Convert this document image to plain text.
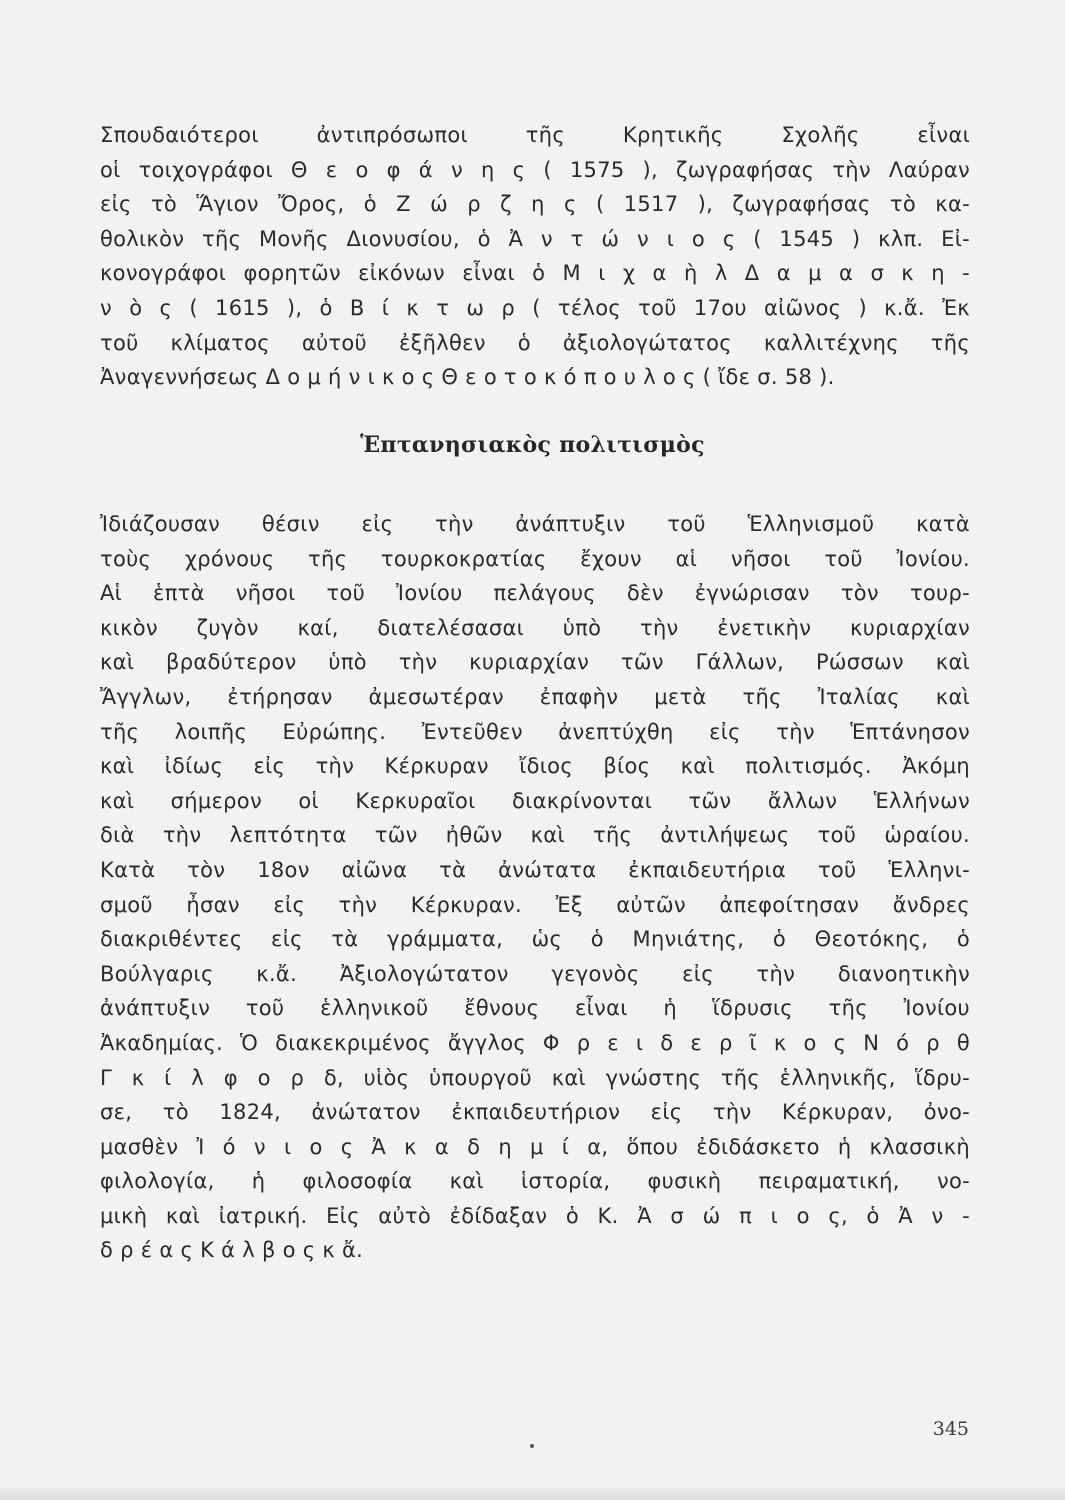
Σπουδαιότεροι ἀντιπρόσωποι τῆς Κρητικῆς Σχολῆς εἶναι
οἱ τοιχογράφοι Θ ε ο φ ά ν η ς ( 1575 ), ζωγραφήσας τὴν Λαύραν
εἰς τὸ Ἅγιον Ὄρος, ὁ Ζ ώ ρ ζ η ς ( 1517 ), ζωγραφήσας τὸ κα-
θολικὸν τῆς Μονῆς Διονυσίου, ὁ Ἀ ν τ ώ ν ι ο ς ( 1545 ) κλπ. Εἰ-
κονογράφοι φορητῶν εἰκόνων εἶναι ὁ Μ ι χ α ὴ λ Δ α μ α σ κ η -
ν ὸ ς ( 1615 ), ὁ Β ί κ τ ω ρ ( τέλος τοῦ 17ου αἰῶνος ) κ.ἄ. Ἐκ
τοῦ κλίματος αὐτοῦ ἐξῆλθεν ὁ ἀξιολογώτατος καλλιτέχνης τῆς
Ἀναγεννήσεως Δ ο μ ή ν ι κ ο ς Θ ε ο τ ο κ ό π ο υ λ ο ς ( ἴδε σ. 58 ).
Ἑπτανησιακὸς πολιτισμὸς
Ἰδιάζουσαν θέσιν εἰς τὴν ἀνάπτυξιν τοῦ Ἑλληνισμοῦ κατὰ
τοὺς χρόνους τῆς τουρκοκρατίας ἔχουν αἱ νῆσοι τοῦ Ἰονίου.
Αἱ ἑπτὰ νῆσοι τοῦ Ἰονίου πελάγους δὲν ἐγνώρισαν τὸν τουρ-
κικὸν ζυγὸν καί, διατελέσασαι ὑπὸ τὴν ἐνετικὴν κυριαρχίαν
καὶ βραδύτερον ὑπὸ τὴν κυριαρχίαν τῶν Γάλλων, Ρώσσων καὶ
Ἄγγλων, ἐτήρησαν ἀμεσωτέραν ἐπαφὴν μετὰ τῆς Ἰταλίας καὶ
τῆς λοιπῆς Εὐρώπης. Ἐντεῦθεν ἀνεπτύχθη εἰς τὴν Ἑπτάνησον
καὶ ἰδίως εἰς τὴν Κέρκυραν ἴδιος βίος καὶ πολιτισμός. Ἀκόμη
καὶ σήμερον οἱ Κερκυραῖοι διακρίνονται τῶν ἄλλων Ἑλλήνων
διὰ τὴν λεπτότητα τῶν ἠθῶν καὶ τῆς ἀντιλήψεως τοῦ ὡραίου.
Κατὰ τὸν 18ον αἰῶνα τὰ ἀνώτατα ἐκπαιδευτήρια τοῦ Ἑλληνι-
σμοῦ ἦσαν εἰς τὴν Κέρκυραν. Ἐξ αὐτῶν ἀπεφοίτησαν ἄνδρες
διακριθέντες εἰς τὰ γράμματα, ὡς ὁ Μηνιάτης, ὁ Θεοτόκης, ὁ
Βούλγαρις κ.ἄ. Ἀξιολογώτατον γεγονὸς εἰς τὴν διανοητικὴν
ἀνάπτυξιν τοῦ ἑλληνικοῦ ἔθνους εἶναι ἡ ἵδρυσις τῆς Ἰονίου
Ἀκαδημίας. Ὁ διακεκριμένος ἄγγλος Φ ρ ε ι δ ε ρ ῖ κ ο ς Ν ό ρ θ
Γ κ ί λ φ ο ρ δ, υἱὸς ὑπουργοῦ καὶ γνώστης τῆς ἑλληνικῆς, ἵδρυ-
σε, τὸ 1824, ἀνώτατον ἐκπαιδευτήριον εἰς τὴν Κέρκυραν, ὀνο-
μασθὲν Ἰ ό ν ι ο ς Ἀ κ α δ η μ ί α, ὅπου ἐδιδάσκετο ἡ κλασσικὴ
φιλολογία, ἡ φιλοσοφία καὶ ἱστορία, φυσικὴ πειραματική, νο-
μικὴ καὶ ἰατρική. Εἰς αὐτὸ ἐδίδαξαν ὁ Κ. Ἀ σ ώ π ι ο ς, ὁ Ἀ ν -
δ ρ έ α ς Κ ά λ β ο ς κ ἄ.
345
